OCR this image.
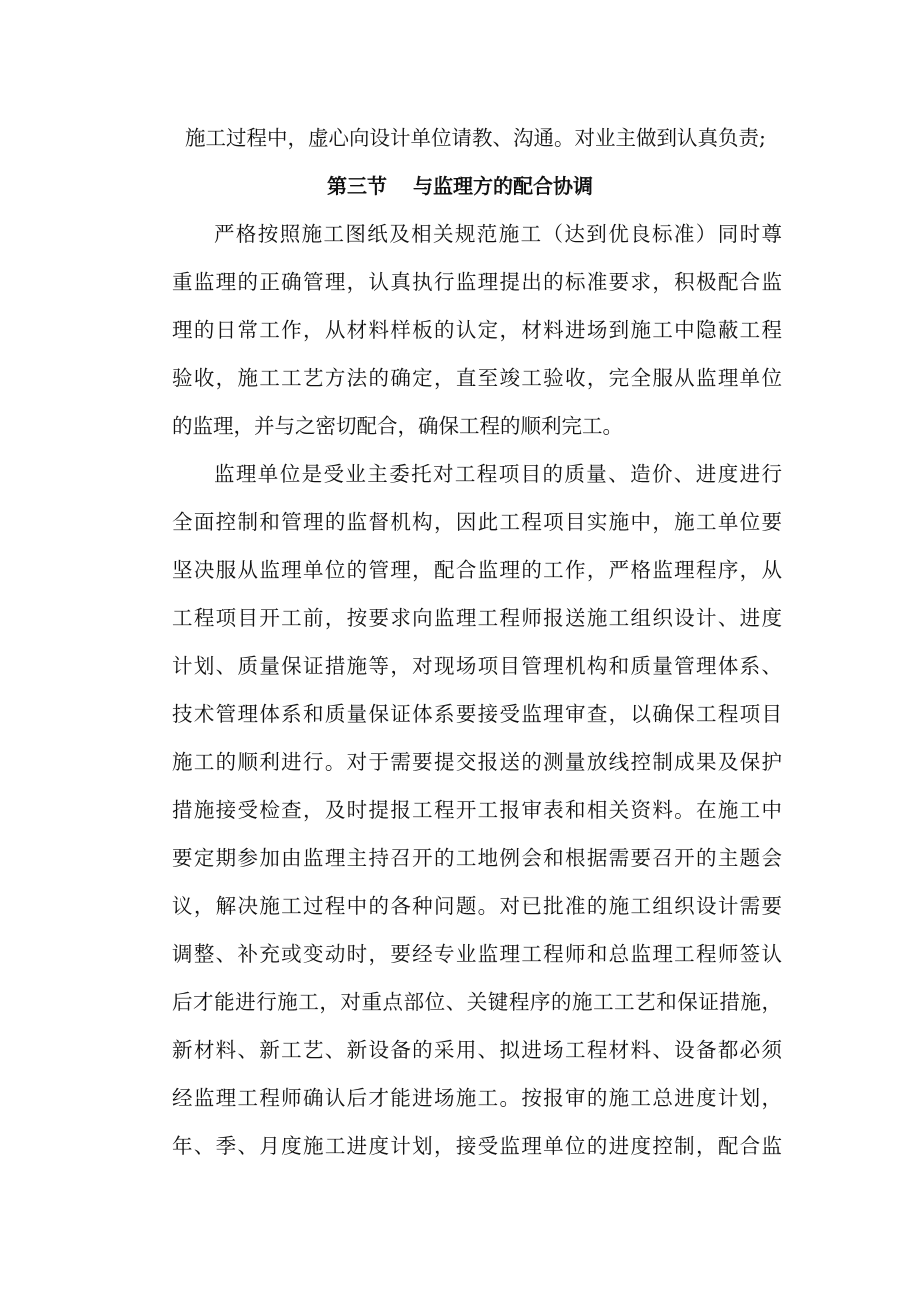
施工过程中，虚心向设计单位请教、沟通。对业主做到认真负责;
第三节 与监理方的配合协调
严格按照施工图纸及相关规范施工（达到优良标准）同时尊
重监理的正确管理，认真执行监理提出的标准要求，积极配合监
理的日常工作，从材料样板的认定，材料进场到施工中隐蔽工程
验收，施工工艺方法的确定，直至竣工验收，完全服从监理单位
的监理，并与之密切配合，确保工程的顺利完工。
监理单位是受业主委托对工程项目的质量、造价、进度进行
全面控制和管理的监督机构，因此工程项目实施中，施工单位要
坚决服从监理单位的管理，配合监理的工作，严格监理程序，从
工程项目开工前，按要求向监理工程师报送施工组织设计、进度
计划、质量保证措施等，对现场项目管理机构和质量管理体系、
技术管理体系和质量保证体系要接受监理审查，以确保工程项目
施工的顺利进行。对于需要提交报送的测量放线控制成果及保护
措施接受检查，及时提报工程开工报审表和相关资料。在施工中
要定期参加由监理主持召开的工地例会和根据需要召开的主题会
议，解决施工过程中的各种问题。对已批准的施工组织设计需要
调整、补充或变动时，要经专业监理工程师和总监理工程师签认
后才能进行施工，对重点部位、关键程序的施工工艺和保证措施，
新材料、新工艺、新设备的采用、拟进场工程材料、设备都必须
经监理工程师确认后才能进场施工。按报审的施工总进度计划，
年、季、月度施工进度计划，接受监理单位的进度控制，配合监
